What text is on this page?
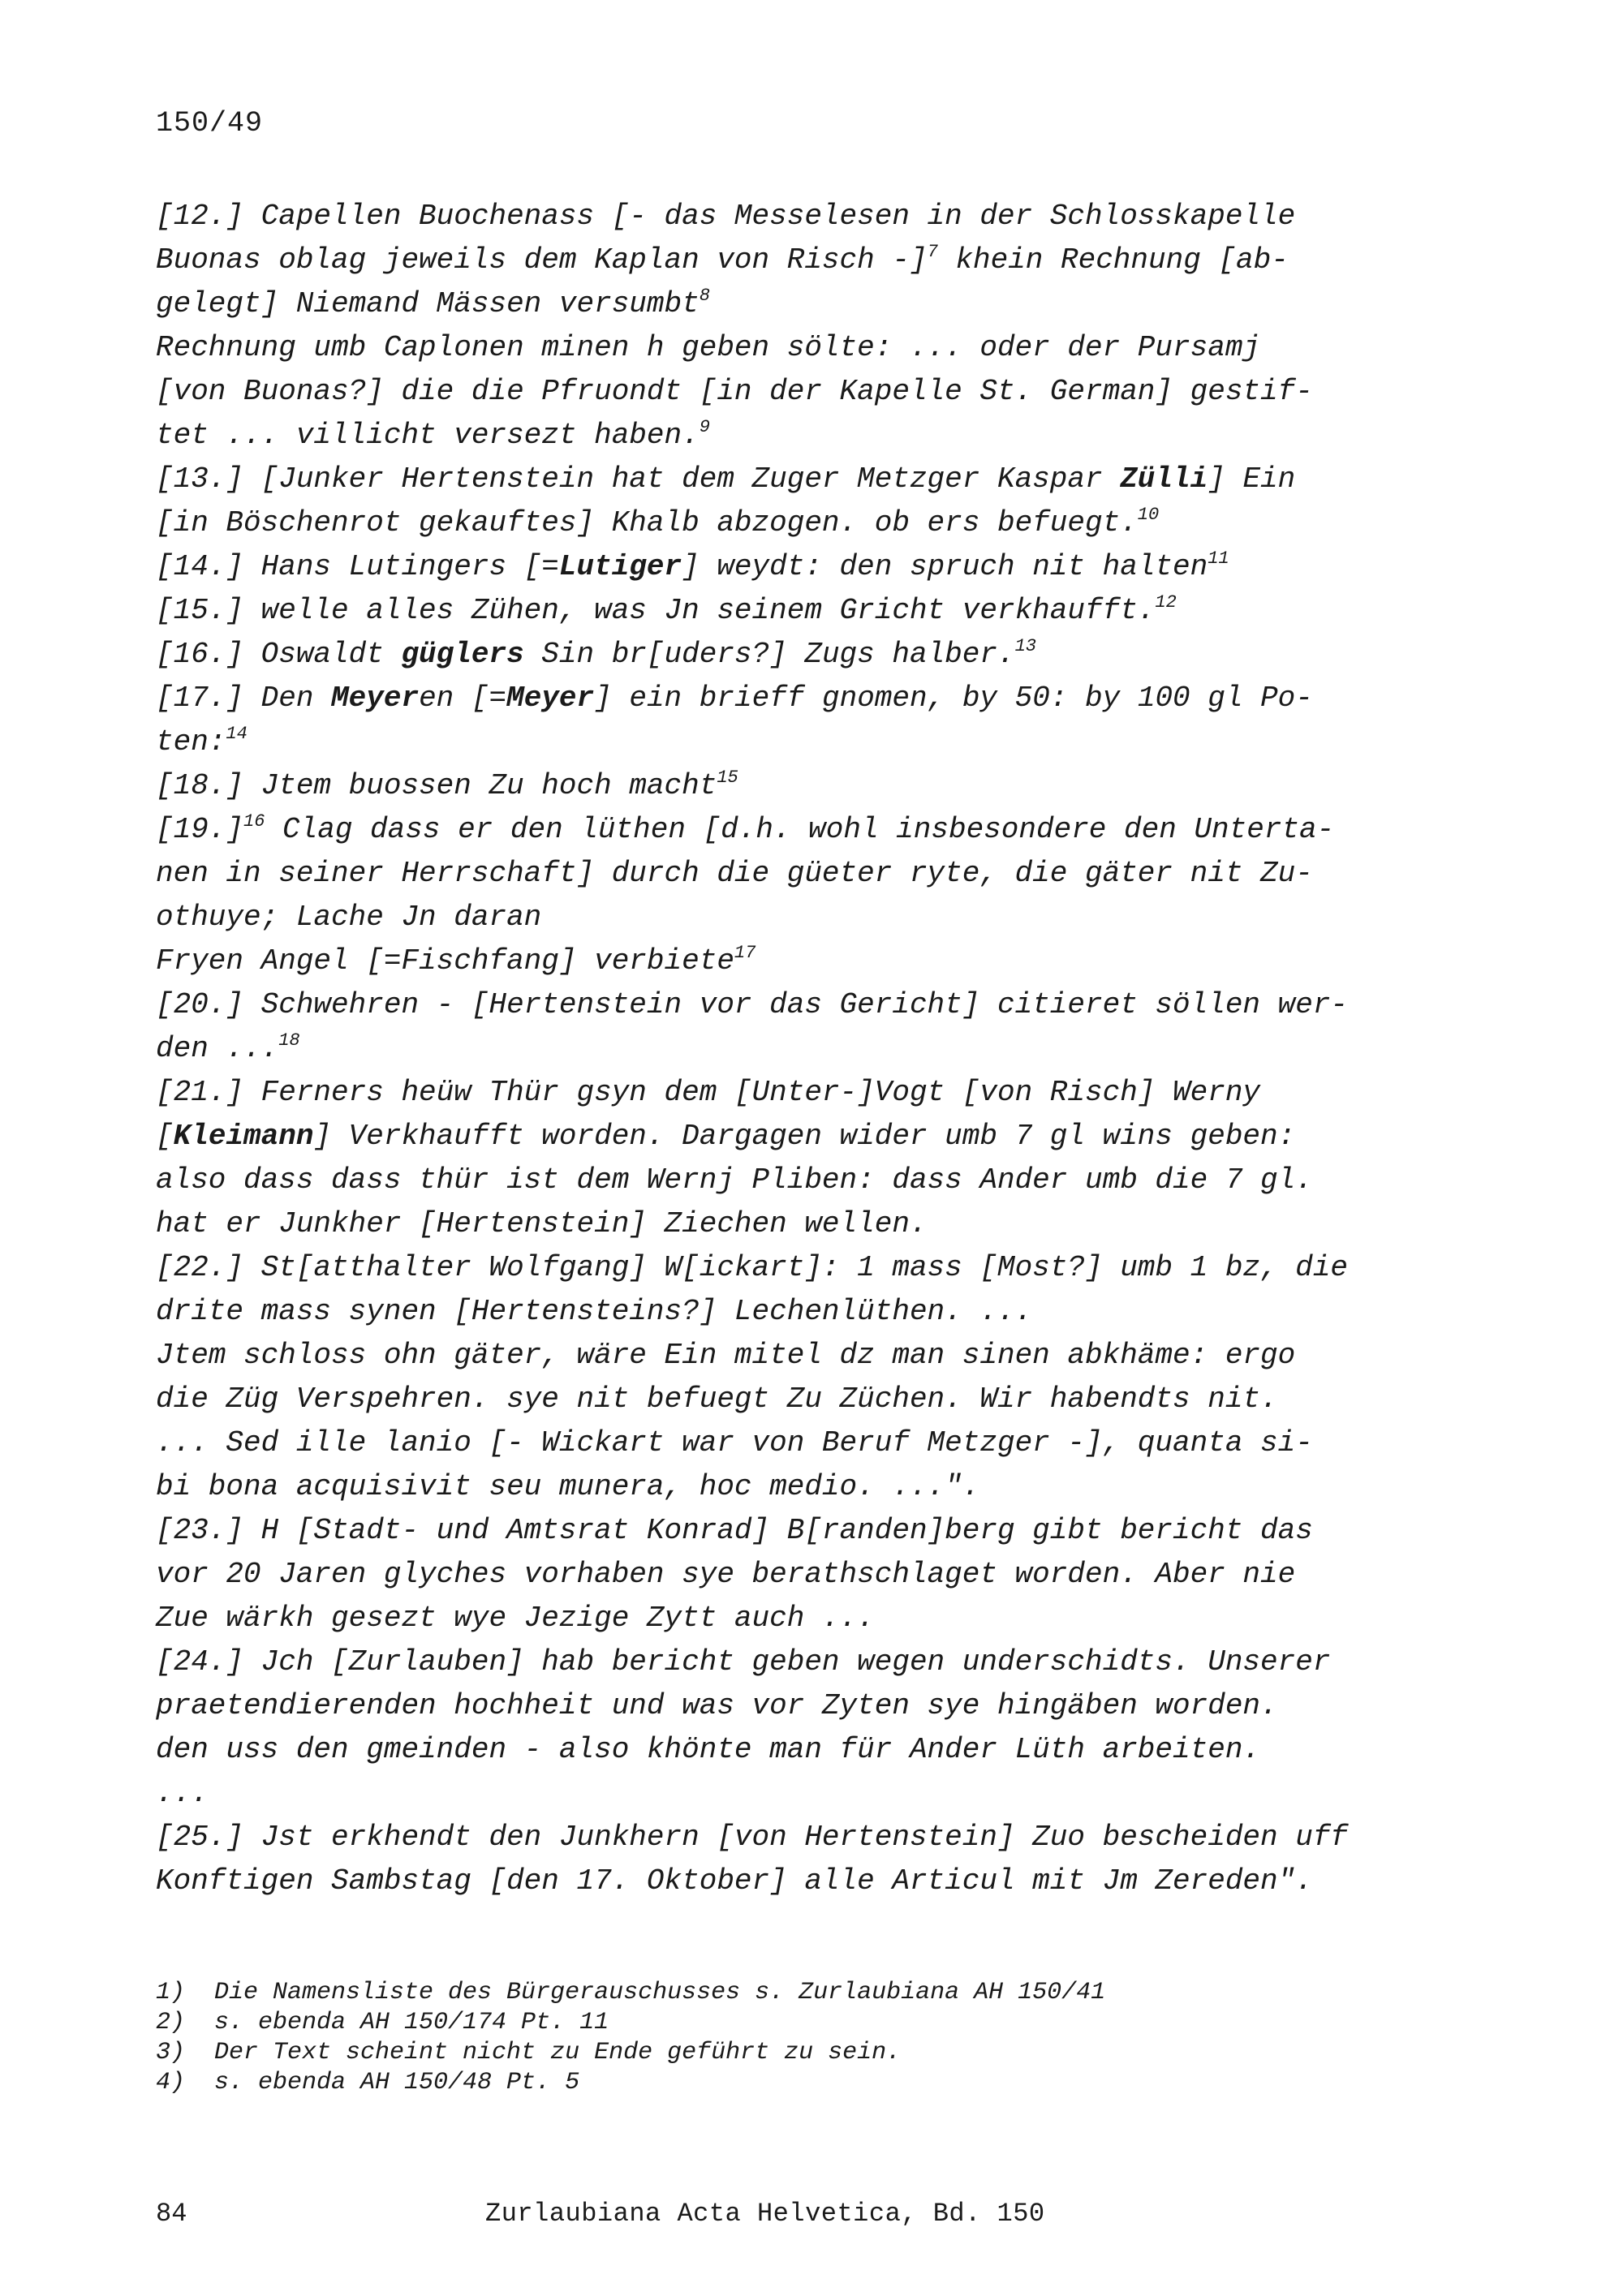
150/49
[12.] Capellen Buochenass [- das Messelesen in der Schlosskapelle
Buonas oblag jeweils dem Kaplan von Risch -]$^7$ khein Rechnung [ab-
gelegt] Niemand Mässen versumbt$^8$
Rechnung umb Caplonen minen h geben sölte: ... oder der Pursamj
[von Buonas?] die die Pfruondt [in der Kapelle St. German] gestif-
tet ... villicht versezt haben.$^9$
[13.] [Junker Hertenstein hat dem Zuger Metzger Kaspar Zülli] Ein
[in Böschenrot gekauftes] Khalb abzogen. ob ers befuegt.$^{10}$
[14.] Hans Lutingers [=Lutiger] weydt: den spruch nit halten$^{11}$
[15.] welle alles Zühen, was Jn seinem Gricht verkhaufft.$^{12}$
[16.] Oswaldt güglers Sin br[uders?] Zugs halber.$^{13}$
[17.] Den Meyeren [=Meyer] ein brieff gnomen, by 50: by 100 gl Po-
ten:$^{14}$
[18.] Jtem buossen Zu hoch macht$^{15}$
$[19.]^{16}$ Clag dass er den lüthen [d.h. wohl insbesondere den Unterta-
nen in seiner Herrschaft] durch die güeter ryte, die gäter nit Zu-
othuye; Lache Jn daran
Fryen Angel [=Fischfang] verbiete$^{17}$
[20.] Schwehren - [Hertenstein vor das Gericht] citieret söllen wer-
den ...$^{18}$
[21.] Ferners heüw Thür gsyn dem [Unter-]Vogt [von Risch] Werny
[Kleimann] Verkhaufft worden. Dargagen wider umb 7 gl wins geben:
also dass dass thür ist dem Wernj Pliben: dass Ander umb die 7 gl.
hat er Junkher [Hertenstein] Ziechen wellen.
[22.] St[atthalter Wolfgang] W[ickart]: 1 mass [Most?] umb 1 bz, die
drite mass synen [Hertensteins?] Lechenlüthen. ...
Jtem schloss ohn gäter, wäre Ein mitel dz man sinen abkhäme: ergo
die Züg Verspehren. sye nit befuegt Zu Züchen. Wir habendts nit.
... Sed ille lanio [- Wickart war von Beruf Metzger -], quanta si-
bi bona acquisivit seu munera, hoc medio. ...".
[23.] H [Stadt- und Amtsrat Konrad] B[randen]berg gibt bericht das
vor 20 Jaren glyches vorhaben sye berathschlaget worden. Aber nie
Zue wärkh gesezt wye Jezige Zytt auch ...
[24.] Jch [Zurlauben] hab bericht geben wegen underschidts. Unserer
praetendierenden hochheit und was vor Zyten sye hingäben worden.
den uss den gmeinden - also khönte man für Ander Lüth arbeiten.
...
[25.] Jst erkhendt den Junkhern [von Hertenstein] Zuo bescheiden uff
Konftigen Sambstag [den 17. Oktober] alle Articul mit Jm Zereden".
1) Die Namensliste des Bürgerauschusses s. Zurlaubiana AH 150/41
2) s. ebenda AH 150/174 Pt. 11
3) Der Text scheint nicht zu Ende geführt zu sein.
4) s. ebenda AH 150/48 Pt. 5
84	Zurlaubiana Acta Helvetica, Bd. 150
